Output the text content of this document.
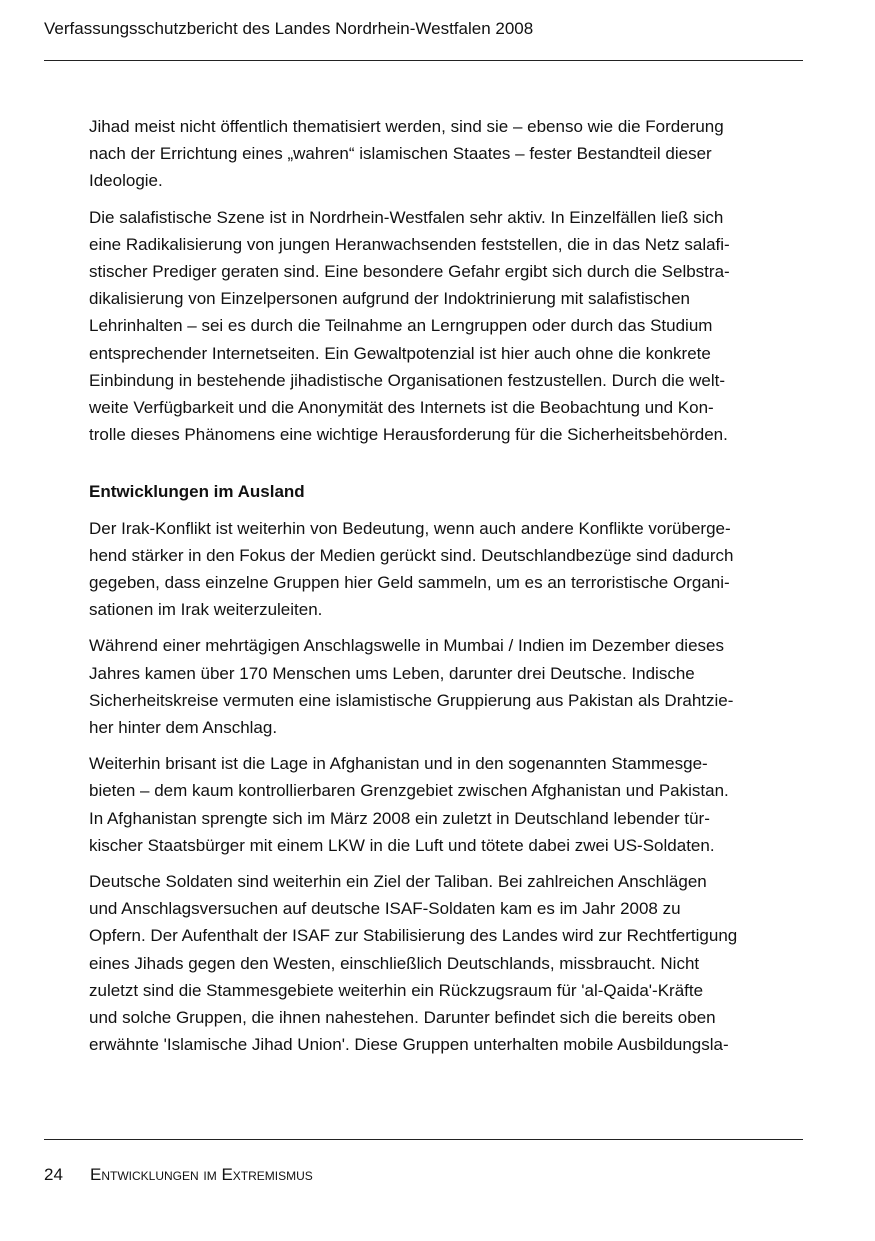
Verfassungsschutzbericht des Landes Nordrhein-Westfalen 2008

Jihad meist nicht öffentlich thematisiert werden, sind sie – ebenso wie die Forderung
nach der Errichtung eines „wahren“ islamischen Staates – fester Bestandteil dieser
Ideologie.

Die salafistische Szene ist in Nordrhein-Westfalen sehr aktiv. In Einzelfällen ließ sich
eine Radikalisierung von jungen Heranwachsenden feststellen, die in das Netz salafi-
stischer Prediger geraten sind. Eine besondere Gefahr ergibt sich durch die Selbstra-
dikalisierung von Einzelpersonen aufgrund der Indoktrinierung mit salafistischen
Lehrinhalten – sei es durch die Teilnahme an Lerngruppen oder durch das Studium
entsprechender Internetseiten. Ein Gewaltpotenzial ist hier auch ohne die konkrete
Einbindung in bestehende jihadistische Organisationen festzustellen. Durch die welt-
weite Verfügbarkeit und die Anonymität des Internets ist die Beobachtung und Kon-
trolle dieses Phänomens eine wichtige Herausforderung für die Sicherheitsbehörden.

Entwicklungen im Ausland

Der Irak-Konflikt ist weiterhin von Bedeutung, wenn auch andere Konflikte vorüberge-
hend stärker in den Fokus der Medien gerückt sind. Deutschlandbezüge sind dadurch
gegeben, dass einzelne Gruppen hier Geld sammeln, um es an terroristische Organi-
sationen im Irak weiterzuleiten.

Während einer mehrtägigen Anschlagswelle in Mumbai / Indien im Dezember dieses
Jahres kamen über 170 Menschen ums Leben, darunter drei Deutsche. Indische
Sicherheitskreise vermuten eine islamistische Gruppierung aus Pakistan als Drahtzie-
her hinter dem Anschlag.

Weiterhin brisant ist die Lage in Afghanistan und in den sogenannten Stammesge-
bieten – dem kaum kontrollierbaren Grenzgebiet zwischen Afghanistan und Pakistan.
In Afghanistan sprengte sich im März 2008 ein zuletzt in Deutschland lebender tür-
kischer Staatsbürger mit einem LKW in die Luft und tötete dabei zwei US-Soldaten.

Deutsche Soldaten sind weiterhin ein Ziel der Taliban. Bei zahlreichen Anschlägen
und Anschlagsversuchen auf deutsche ISAF-Soldaten kam es im Jahr 2008 zu
Opfern. Der Aufenthalt der ISAF zur Stabilisierung des Landes wird zur Rechtfertigung
eines Jihads gegen den Westen, einschließlich Deutschlands, missbraucht. Nicht
zuletzt sind die Stammesgebiete weiterhin ein Rückzugsraum für 'al-Qaida'-Kräfte
und solche Gruppen, die ihnen nahestehen. Darunter befindet sich die bereits oben
erwähnte 'Islamische Jihad Union'. Diese Gruppen unterhalten mobile Ausbildungsla-

24 Entwicklungen im Extremismus
